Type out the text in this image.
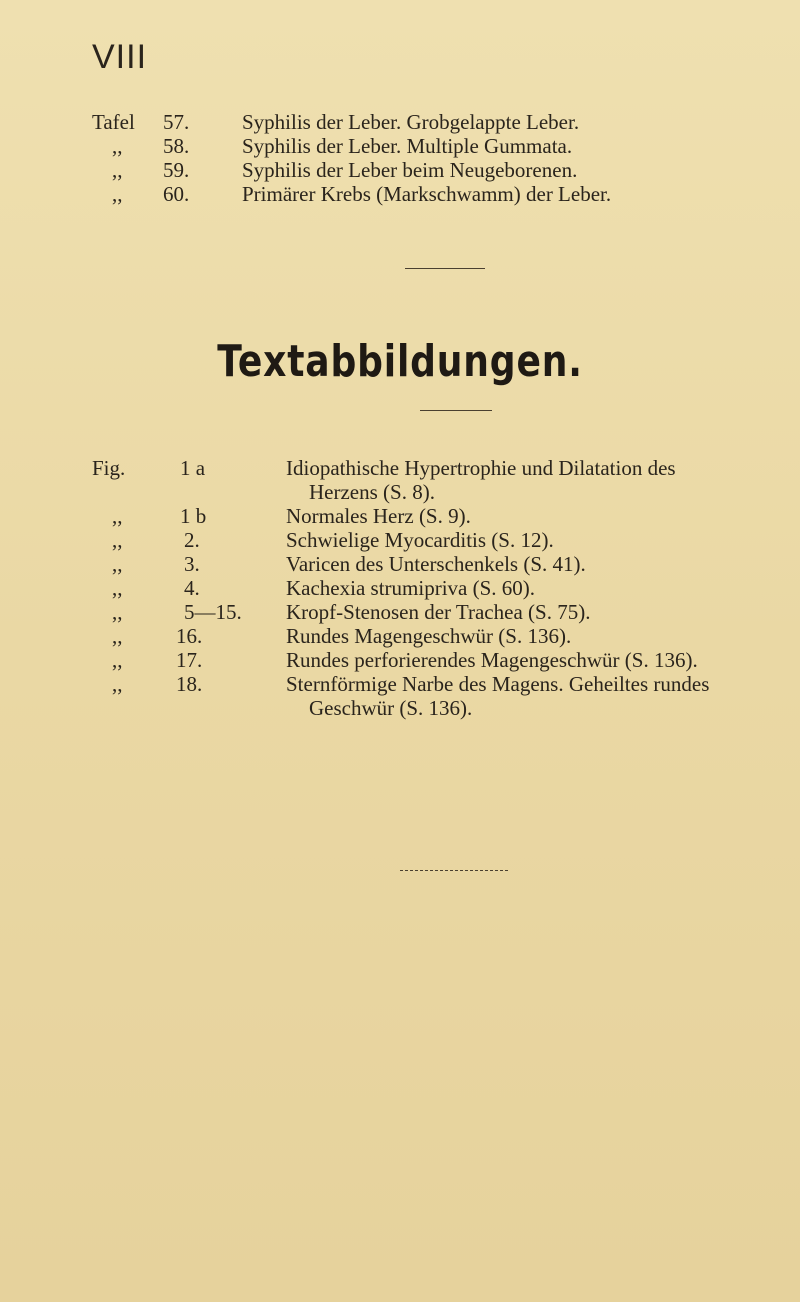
VIII
Tafel 57.	Syphilis der Leber. Grobgelappte Leber.
,, 58.	Syphilis der Leber. Multiple Gummata.
,, 59.	Syphilis der Leber beim Neugeborenen.
,, 60.	Primärer Krebs (Markschwamm) der Leber.
Textabbildungen.
Fig.	1 a	Idiopathische Hypertrophie und Dilatation des
Herzens (S. 8).
,,	1 b	Normales Herz (S. 9).
,,	2.	Schwielige Myocarditis (S. 12).
,,	3.	Varicen des Unterschenkels (S. 41).
,,	4.	Kachexia strumipriva (S. 60).
,,	5—15. Kropf-Stenosen der Trachea (S. 75).
,,	16.	Rundes Magengeschwür (S. 136).
,,	17.	Rundes perforierendes Magengeschwür (S. 136).
,,	18.	Sternförmige Narbe des Magens. Geheiltes rundes
Geschwür (S. 136).
